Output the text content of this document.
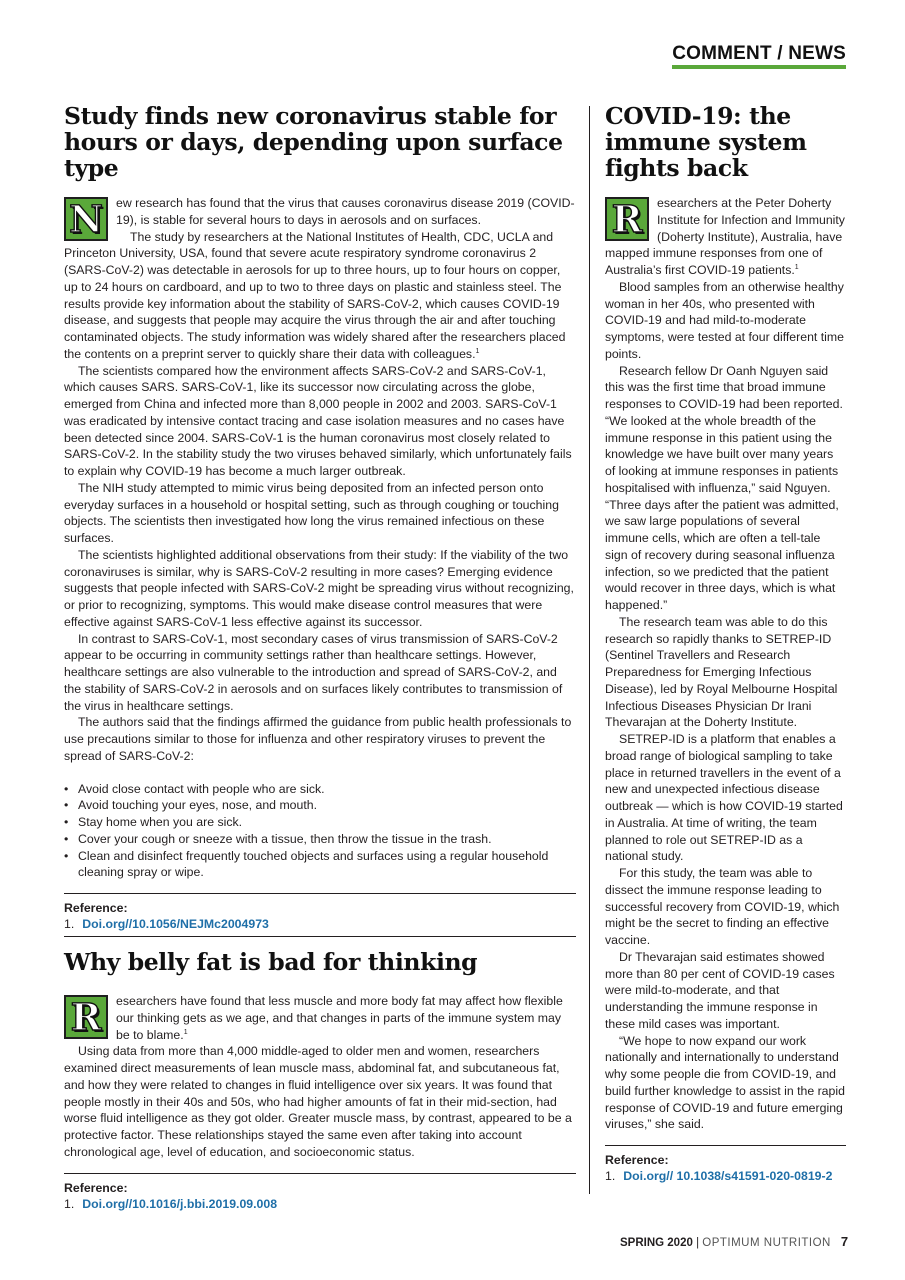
COMMENT / NEWS
Study finds new coronavirus stable for hours or days, depending upon surface type
N	ew research has found that the virus that causes coronavirus disease 2019 (COVID-19), is stable for several hours to days in aerosols and on surfaces.

The study by researchers at the National Institutes of Health, CDC, UCLA and Princeton University, USA, found that severe acute respiratory syndrome coronavirus 2 (SARS-CoV-2) was detectable in aerosols for up to three hours, up to four hours on copper, up to 24 hours on cardboard, and up to two to three days on plastic and stainless steel. The results provide key information about the stability of SARS-CoV-2, which causes COVID-19 disease, and suggests that people may acquire the virus through the air and after touching contaminated objects. The study information was widely shared after the researchers placed the contents on a preprint server to quickly share their data with colleagues.$^1$

The scientists compared how the environment affects SARS-CoV-2 and SARS-CoV-1, which causes SARS. SARS-CoV-1, like its successor now circulating across the globe, emerged from China and infected more than 8,000 people in 2002 and 2003. SARS-CoV-1 was eradicated by intensive contact tracing and case isolation measures and no cases have been detected since 2004. SARS-CoV-1 is the human coronavirus most closely related to SARS-CoV-2. In the stability study the two viruses behaved similarly, which unfortunately fails to explain why COVID-19 has become a much larger outbreak.

The NIH study attempted to mimic virus being deposited from an infected person onto everyday surfaces in a household or hospital setting, such as through coughing or touching objects. The scientists then investigated how long the virus remained infectious on these surfaces.

The scientists highlighted additional observations from their study: If the viability of the two coronaviruses is similar, why is SARS-CoV-2 resulting in more cases? Emerging evidence suggests that people infected with SARS-CoV-2 might be spreading virus without recognizing, or prior to recognizing, symptoms. This would make disease control measures that were effective against SARS-CoV-1 less effective against its successor.

In contrast to SARS-CoV-1, most secondary cases of virus transmission of SARS-CoV-2 appear to be occurring in community settings rather than healthcare settings. However, healthcare settings are also vulnerable to the introduction and spread of SARS-CoV-2, and the stability of SARS-CoV-2 in aerosols and on surfaces likely contributes to transmission of the virus in healthcare settings.

The authors said that the findings affirmed the guidance from public health professionals to use precautions similar to those for influenza and other respiratory viruses to prevent the spread of SARS-CoV-2:

• Avoid close contact with people who are sick.
• Avoid touching your eyes, nose, and mouth.
• Stay home when you are sick.
• Cover your cough or sneeze with a tissue, then throw the tissue in the trash.
• Clean and disinfect frequently touched objects and surfaces using a regular household cleaning spray or wipe.
Reference:
1. Doi.org//10.1056/NEJMc2004973
Why belly fat is bad for thinking
R	esearchers have found that less muscle and more body fat may affect how flexible our thinking gets as we age, and that changes in parts of the immune system may be to blame.$^1$

Using data from more than 4,000 middle-aged to older men and women, researchers examined direct measurements of lean muscle mass, abdominal fat, and subcutaneous fat, and how they were related to changes in fluid intelligence over six years. It was found that people mostly in their 40s and 50s, who had higher amounts of fat in their mid-section, had worse fluid intelligence as they got older. Greater muscle mass, by contrast, appeared to be a protective factor. These relationships stayed the same even after taking into account chronological age, level of education, and socioeconomic status.

Reference:
1. Doi.org//10.1016/j.bbi.2019.09.008
COVID-19: the immune system fights back
R	esearchers at the Peter Doherty Institute for Infection and Immunity (Doherty Institute), Australia, have mapped immune responses from one of Australia’s first COVID-19 patients.$^1$

Blood samples from an otherwise healthy woman in her 40s, who presented with COVID-19 and had mild-to-moderate symptoms, were tested at four different time points.

Research fellow Dr Oanh Nguyen said this was the first time that broad immune responses to COVID-19 had been reported. “We looked at the whole breadth of the immune response in this patient using the knowledge we have built over many years of looking at immune responses in patients hospitalised with influenza,” said Nguyen. “Three days after the patient was admitted, we saw large populations of several immune cells, which are often a tell-tale sign of recovery during seasonal influenza infection, so we predicted that the patient would recover in three days, which is what happened.”

The research team was able to do this research so rapidly thanks to SETREP-ID (Sentinel Travellers and Research Preparedness for Emerging Infectious Disease), led by Royal Melbourne Hospital Infectious Diseases Physician Dr Irani Thevarajan at the Doherty Institute.

SETREP-ID is a platform that enables a broad range of biological sampling to take place in returned travellers in the event of a new and unexpected infectious disease outbreak — which is how COVID-19 started in Australia. At time of writing, the team planned to role out SETREP-ID as a national study.

For this study, the team was able to dissect the immune response leading to successful recovery from COVID-19, which might be the secret to finding an effective vaccine.

Dr Thevarajan said estimates showed more than 80 per cent of COVID-19 cases were mild-to-moderate, and that understanding the immune response in these mild cases was important.

“We hope to now expand our work nationally and internationally to understand why some people die from COVID-19, and build further knowledge to assist in the rapid response of COVID-19 and future emerging viruses,” she said.

Reference:
1. Doi.org// 10.1038/s41591-020-0819-2
SPRING 2020 | OPTIMUM NUTRITION 7
